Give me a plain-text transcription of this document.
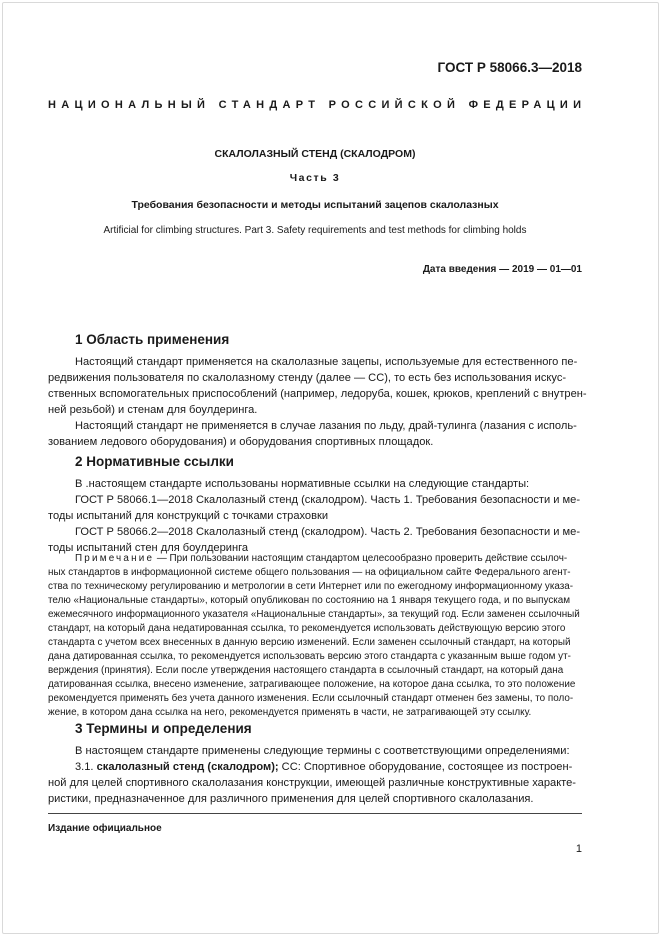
ГОСТ Р 58066.3—2018
НАЦИОНАЛЬНЫЙ СТАНДАРТ РОССИЙСКОЙ ФЕДЕРАЦИИ
СКАЛОЛАЗНЫЙ СТЕНД (СКАЛОДРОМ)
Часть 3
Требования безопасности и методы испытаний зацепов скалолазных
Artificial for climbing structures. Part 3. Safety requirements and test methods for climbing holds
Дата введения — 2019 — 01—01
1 Область применения
Настоящий стандарт применяется на скалолазные зацепы, используемые для естественного пе-
редвижения пользователя по скалолазному стенду (далее — СС), то есть без использования искус-
ственных вспомогательных приспособлений (например, ледоруба, кошек, крюков, креплений с внутрен-
ней резьбой) и стенам для боулдеринга.
Настоящий стандарт не применяется в случае лазания по льду, драй-тулинга (лазания с исполь-
зованием ледового оборудования) и оборудования спортивных площадок.
2 Нормативные ссылки
В .настоящем стандарте использованы нормативные ссылки на следующие стандарты:
ГОСТ Р 58066.1—2018 Скалолазный стенд (скалодром). Часть 1. Требования безопасности и ме-
тоды испытаний для конструкций с точками страховки
ГОСТ Р 58066.2—2018 Скалолазный стенд (скалодром). Часть 2. Требования безопасности и ме-
тоды испытаний стен для боулдеринга
Примечание — При пользовании настоящим стандартом целесообразно проверить действие ссылоч-
ных стандартов в информационной системе общего пользования — на официальном сайте Федерального агент-
ства по техническому регулированию и метрологии в сети Интернет или по ежегодному информационному указа-
телю «Национальные стандарты», который опубликован по состоянию на 1 января текущего года, и по выпускам
ежемесячного информационного указателя «Национальные стандарты», за текущий год. Если заменен ссылочный
стандарт, на который дана недатированная ссылка, то рекомендуется использовать действующую версию этого
стандарта с учетом всех внесенных в данную версию изменений. Если заменен ссылочный стандарт, на который
дана датированная ссылка, то рекомендуется использовать версию этого стандарта с указанным выше годом ут-
верждения (принятия). Если после утверждения настоящего стандарта в ссылочный стандарт, на который дана
датированная ссылка, внесено изменение, затрагивающее положение, на которое дана ссылка, то это положение
рекомендуется применять без учета данного изменения. Если ссылочный стандарт отменен без замены, то поло-
жение, в котором дана ссылка на него, рекомендуется применять в части, не затрагивающей эту ссылку.
3 Термины и определения
В настоящем стандарте применены следующие термины с соответствующими определениями:
3.1. скалолазный стенд (скалодром); СС: Спортивное оборудование, состоящее из построен-
ной для целей спортивного скалолазания конструкции, имеющей различные конструктивные характе-
ристики, предназначенное для различного применения для целей спортивного скалолазания.
Издание официальное
1
